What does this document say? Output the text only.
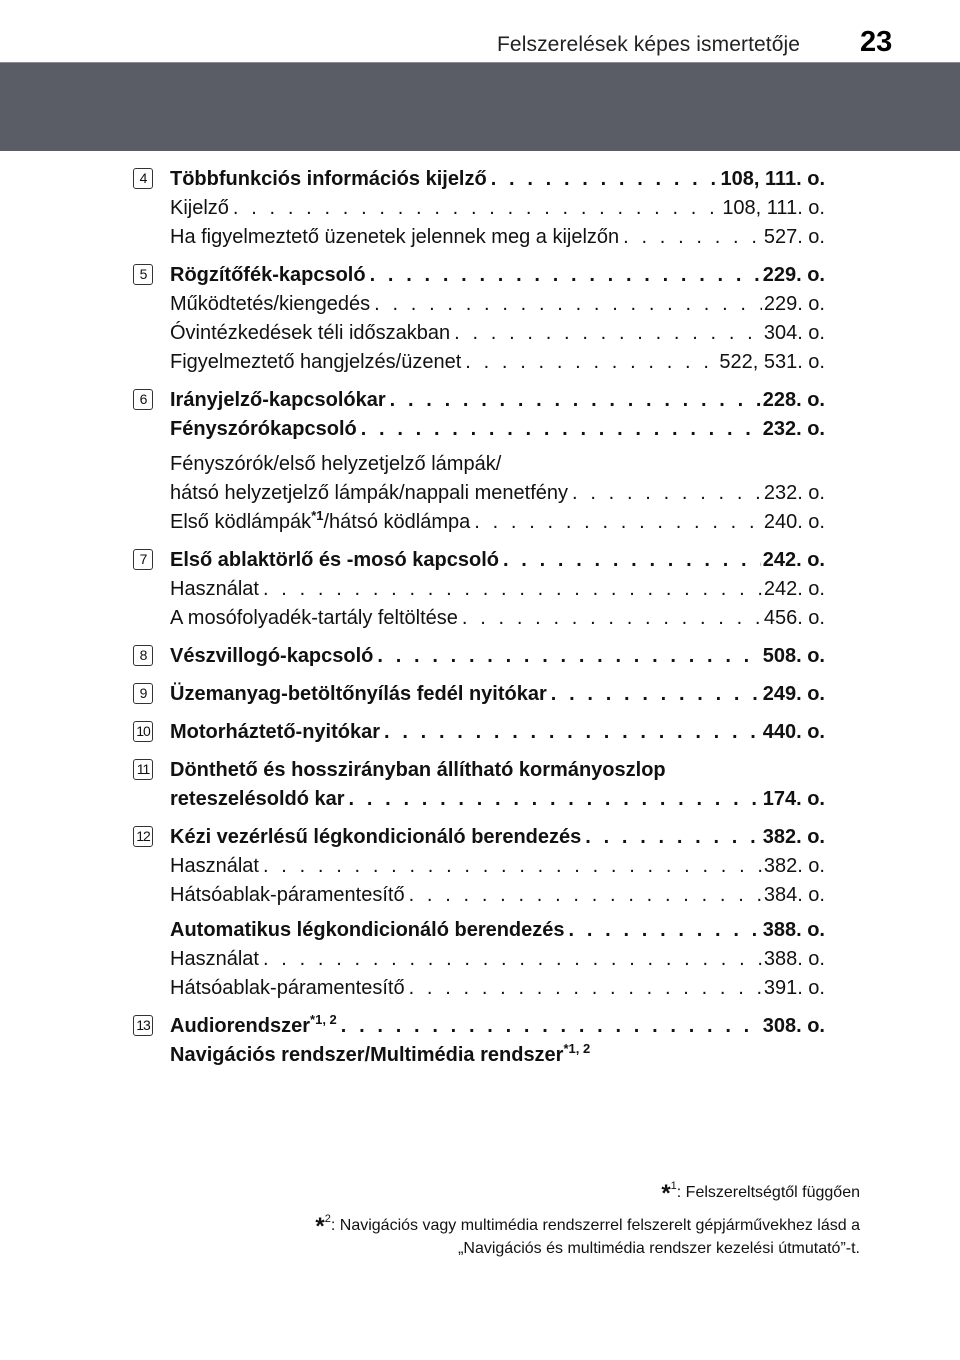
Felszerelések képes ismertetője 23
4	Többfunkciós információs kijelző . . .	108, 111. o.
Kijelző . . .	108, 111. o.
Ha figyelmeztető üzenetek jelennek meg a kijelzőn . . .	527. o.
5	Rögzítőfék-kapcsoló . . .	229. o.
Működtetés/kiengedés . . .	229. o.
Óvintézkedések téli időszakban . . .	304. o.
Figyelmeztető hangjelzés/üzenet . . .	522, 531. o.
6	Irányjelző-kapcsolókar . . .	228. o.
Fényszórókapcsoló . . .	232. o.
Fényszórók/első helyzetjelző lámpák/
hátsó helyzetjelző lámpák/nappali menetfény . . .	232. o.
Első ködlámpák$^{*1}$/hátsó ködlámpa . . .	240. o.
7	Első ablaktörlő és -mosó kapcsoló . . .	242. o.
Használat . . .	242. o.
A mosófolyadék-tartály feltöltése . . .	456. o.
8	Vészvillogó-kapcsoló . . .	508. o.
9	Üzemanyag-betöltőnyílás fedél nyitókar . . .	249. o.
10 Motorháztető-nyitókar . . .	440. o.
11 Dönthető és hosszirányban állítható kormányoszlop
reteszelésoldó kar . . .	174. o.
12 Kézi vezérlésű légkondicionáló berendezés . . .	382. o.
Használat . . .	382. o.
Hátsóablak-páramentesítő . . .	384. o.
Automatikus légkondicionáló berendezés . . .	388. o.
Használat . . .	388. o.
Hátsóablak-páramentesítő . . .	391. o.
13 Audiorendszer$^{*1, 2}$ . . .	308. o.
Navigációs rendszer/Multimédia rendszer$^{*1, 2}$
*$^1$: Felszereltségtől függően
*$^2$: Navigációs vagy multimédia rendszerrel felszerelt gépjárművekhez lásd a
„Navigációs és multimédia rendszer kezelési útmutató”-t.
